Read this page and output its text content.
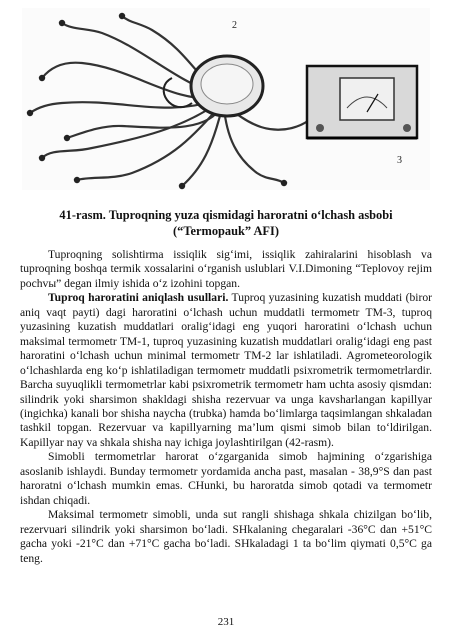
2
3
41-rasm. Tuproqning yuza qismidagi haroratni o‘lchash asbobi
(“Termopauk” AFI)

Tuproqning solishtirma issiqlik sig‘imi, issiqlik zahiralarini hisoblash va tuproqning boshqa termik xossalarini o‘rganish uslublari V.I.Dimoning “Teplovoy rejim pochvы” degan ilmiy ishida o‘z izohini topgan.

Tuproq haroratini aniqlash usullari. Tuproq yuzasining kuzatish muddati (biror aniq vaqt payti) dagi haroratini o‘lchash uchun muddatli termometr TM-3, tuproq yuzasining kuzatish muddatlari oralig‘idagi eng yuqori haroratini o‘lchash uchun maksimal termometr TM-1, tuproq yuzasining kuzatish muddatlari oralig‘idagi eng past haroratini o‘lchash uchun minimal termometr TM-2 lar ishlatiladi. Agrometeorologik o‘lchashlarda eng ko‘p ishlatiladigan termometr muddatli psixrometrik termometrlardir. Barcha suyuqlikli termometrlar kabi psixrometrik termometr ham uchta asosiy qismdan: silindrik yoki sharsimon shakldagi shisha rezervuar va unga kavsharlangan kapillyar (ingichka) kanali bor shisha naycha (trubka) hamda bo‘limlarga taqsimlangan shkaladan tashkil topgan. Rezervuar va kapillyarning ma’lum qismi simob bilan to‘ldirilgan. Kapillyar nay va shkala shisha nay ichiga joylashtirilgan (42-rasm).

Simobli termometrlar harorat o‘zgarganida simob hajmining o‘zgarishiga asoslanib ishlaydi. Bunday termometr yordamida ancha past, masalan - 38,9°S dan past haroratni o‘lchash mumkin emas. CHunki, bu haroratda simob qotadi va termometr ishdan chiqadi.

Maksimal termometr simobli, unda sut rangli shishaga shkala chizilgan bo‘lib, rezervuari silindrik yoki sharsimon bo‘ladi. SHkalaning chegaralari -36°C dan +51°C gacha yoki -21°C dan +71°C gacha bo‘ladi. SHkaladagi 1 ta bo‘lim qiymati 0,5°C ga teng.

231
